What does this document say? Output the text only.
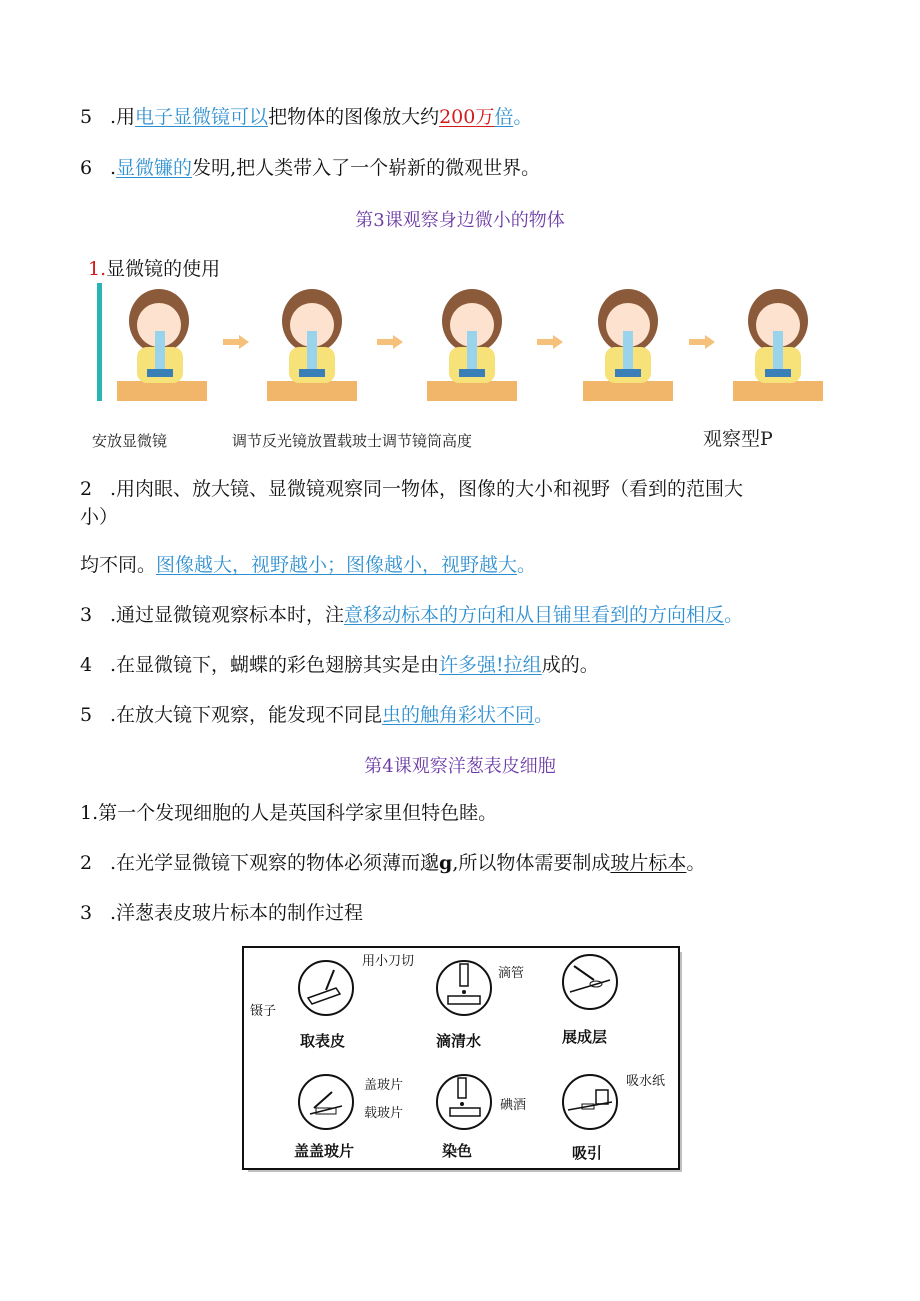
5 .用电子显微镜可以把物体的图像放大约200万倍。
6 .显微镰的发明,把人类带入了一个崭新的微观世界。
第3课观察身边微小的物体
1.显微镜的使用
安放显微镜	调节反光镜放置载玻士调节镜筒高度	观察型P
2 .用肉眼、放大镜、显微镜观察同一物体，图像的大小和视野（看到的范围大
小）
均不同。图像越大，视野越小；图像越小，视野越大。
3 .通过显微镜观察标本时，注意移动标本的方向和从目铺里看到的方向相反。
4 .在显微镜下，蝴蝶的彩色翅膀其实是由许多强!拉组成的。
5 .在放大镜下观察，能发现不同昆虫的触角彩状不同。
第4课观察洋葱表皮细胞
1.第一个发现细胞的人是英国科学家里但特色睦。
2 .在光学显微镜下观察的物体必须薄而邈g,所以物体需要制成玻片标本。
3 .洋葱表皮玻片标本的制作过程
用小刀切
镊子
取表皮
滴管
滴清水	展成层
盖玻片
载玻片
盖盖玻片
碘酒
染色
吸水纸
吸引
